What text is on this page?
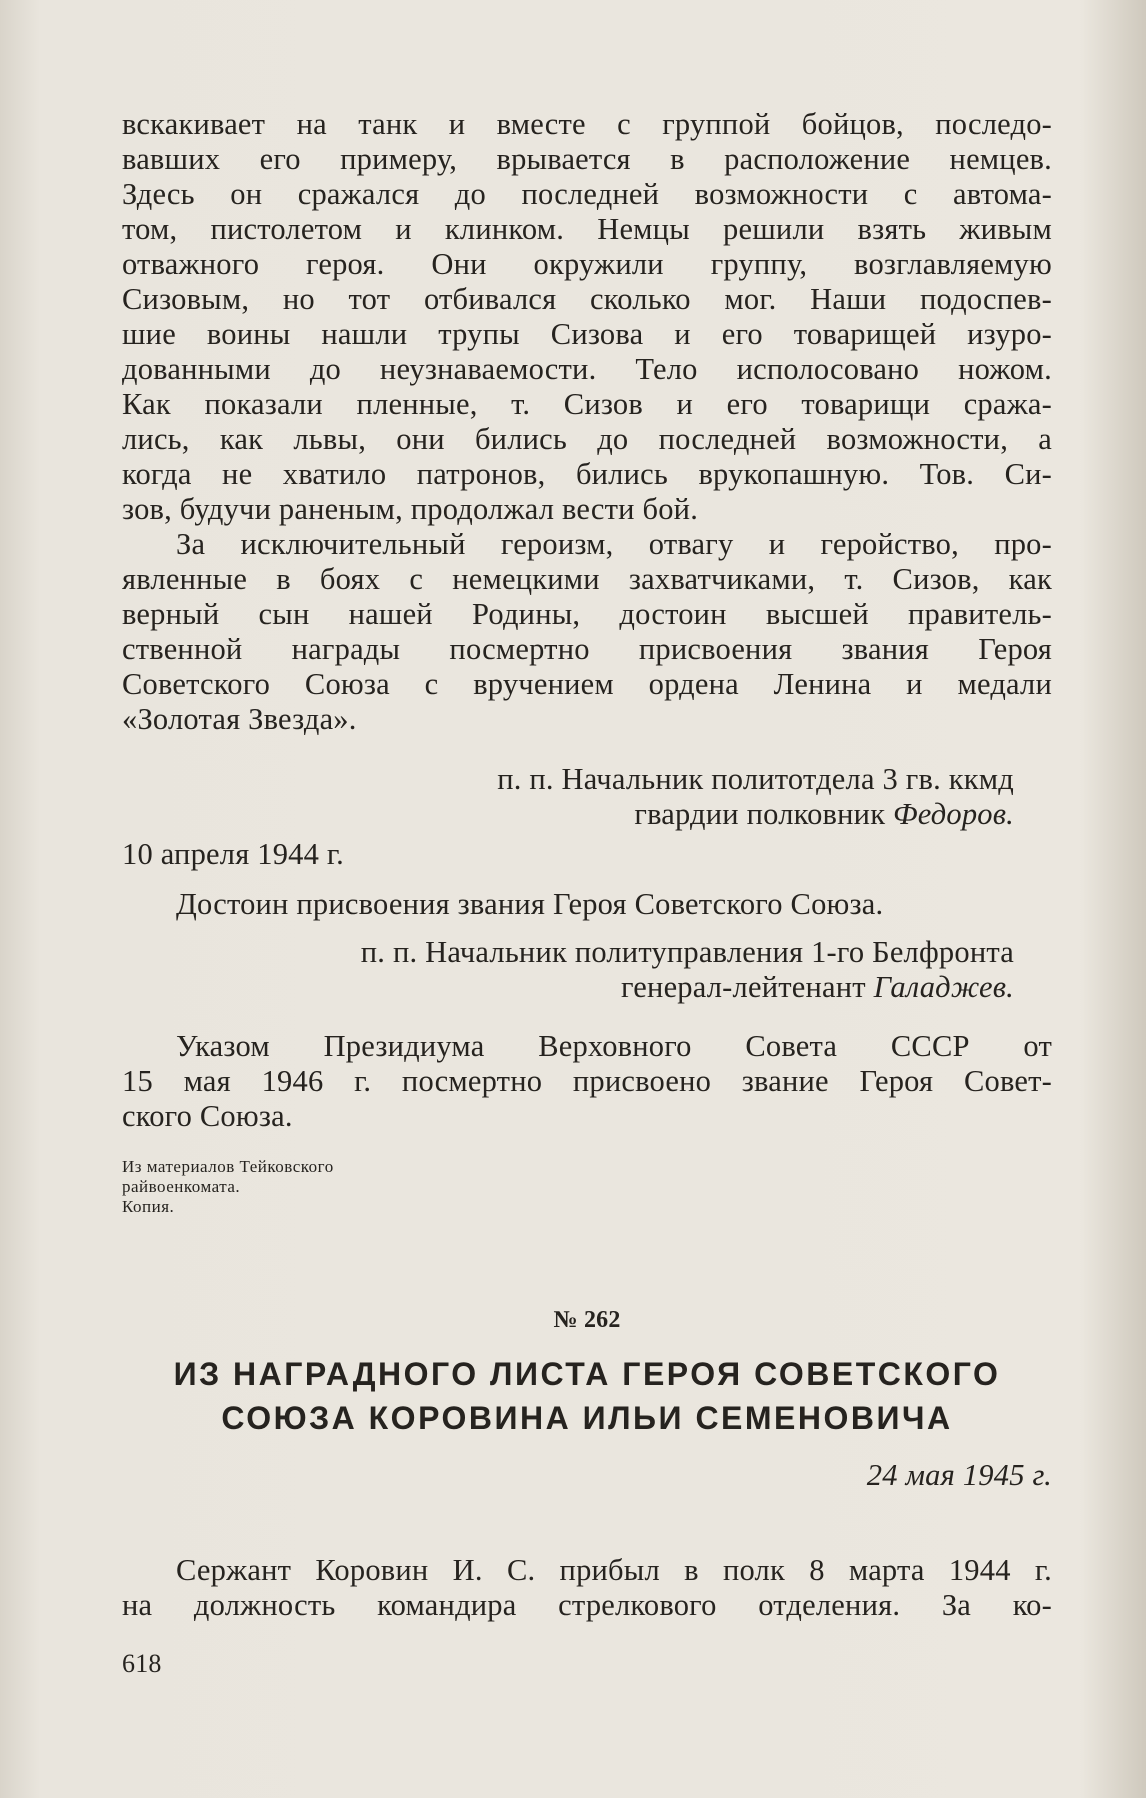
вскакивает на танк и вместе с группой бойцов, последо-
вавших его примеру, врывается в расположение немцев.
Здесь он сражался до последней возможности с автома-
том, пистолетом и клинком. Немцы решили взять живым
отважного героя. Они окружили группу, возглавляемую
Сизовым, но тот отбивался сколько мог. Наши подоспев-
шие воины нашли трупы Сизова и его товарищей изуро-
дованными до неузнаваемости. Тело исполосовано ножом.
Как показали пленные, т. Сизов и его товарищи сража-
лись, как львы, они бились до последней возможности, а
когда не хватило патронов, бились врукопашную. Тов. Си-
зов, будучи раненым, продолжал вести бой.
За исключительный героизм, отвагу и геройство, про-
явленные в боях с немецкими захватчиками, т. Сизов, как
верный сын нашей Родины, достоин высшей правитель-
ственной награды посмертно присвоения звания Героя
Советского Союза с вручением ордена Ленина и медали
«Золотая Звезда».
п. п. Начальник политотдела 3 гв. ккмд
гвардии полковник Федоров.
10 апреля 1944 г.
Достоин присвоения звания Героя Советского Союза.
п. п. Начальник политуправления 1-го Белфронта
генерал-лейтенант Галаджев.
Указом Президиума Верховного Совета СССР от
15 мая 1946 г. посмертно присвоено звание Героя Совет-
ского Союза.
Из материалов Тейковского
райвоенкомата.
Копия.
№ 262
ИЗ НАГРАДНОГО ЛИСТА ГЕРОЯ СОВЕТСКОГО
СОЮЗА КОРОВИНА ИЛЬИ СЕМЕНОВИЧА
24 мая 1945 г.
Сержант Коровин И. С. прибыл в полк 8 марта 1944 г.
на должность командира стрелкового отделения. За ко-
618
